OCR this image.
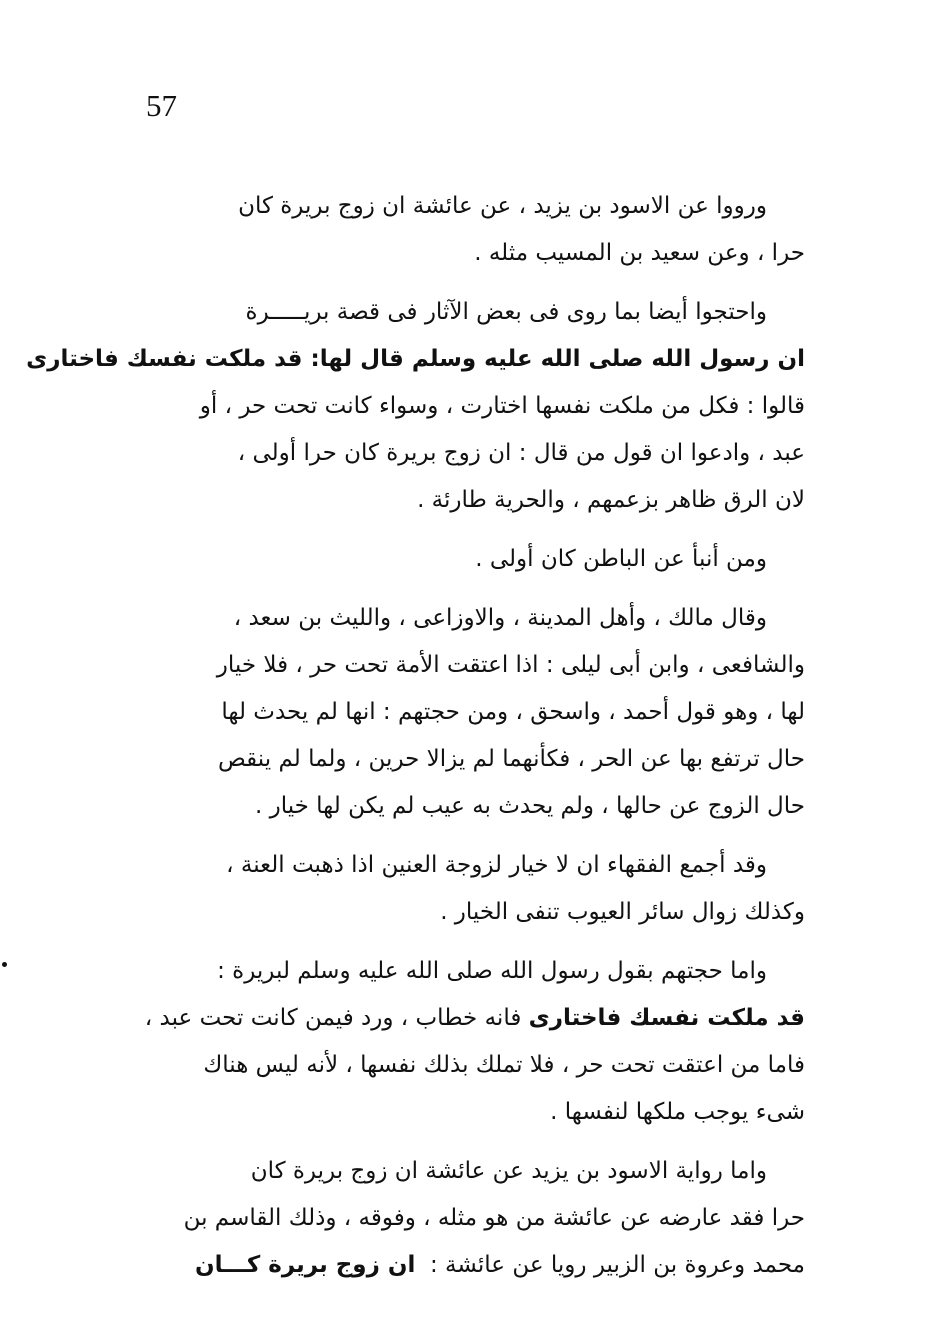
57
ورووا عن الاسود بن يزيد ، عن عائشة ان زوج بريرة كان
حرا ، وعن سعيد بن المسيب مثله .
واحتجوا أيضا بما روى فى بعض الآثار فى قصة بريـــــرة
ان رسول الله صلى الله عليه وسلم قال لها: قد ملكت نفسك فاختارى
قالوا : فكل من ملكت نفسها اختارت ، وسواء كانت تحت حر ، أو
عبد ، وادعوا ان قول من قال : ان زوج بريرة كان حرا أولى ،
لان الرق ظاهر بزعمهم ، والحرية طارئة .
ومن أنبأ عن الباطن كان أولى .
وقال مالك ، وأهل المدينة ، والاوزاعى ، والليث بن سعد ،
والشافعى ، وابن أبى ليلى : اذا اعتقت الأمة تحت حر ، فلا خيار
لها ، وهو قول أحمد ، واسحق ، ومن حجتهم : انها لم يحدث لها
حال ترتفع بها عن الحر ، فكأنهما لم يزالا حرين ، ولما لم ينقص
حال الزوج عن حالها ، ولم يحدث به عيب لم يكن لها خيار .
وقد أجمع الفقهاء ان لا خيار لزوجة العنين اذا ذهبت العنة ،
وكذلك زوال سائر العيوب تنفى الخيار .
واما حجتهم بقول رسول الله صلى الله عليه وسلم لبريرة :
قد ملكت نفسك فاختارى فانه خطاب ، ورد فيمن كانت تحت عبد ،
فاما من اعتقت تحت حر ، فلا تملك بذلك نفسها ، لأنه ليس هناك
شىء يوجب ملكها لنفسها .
واما رواية الاسود بن يزيد عن عائشة ان زوج بريرة كان
حرا فقد عارضه عن عائشة من هو مثله ، وفوقه ، وذلك القاسم بن
محمد وعروة بن الزبير رويا عن عائشة :  ان زوج بريرة كـــان
